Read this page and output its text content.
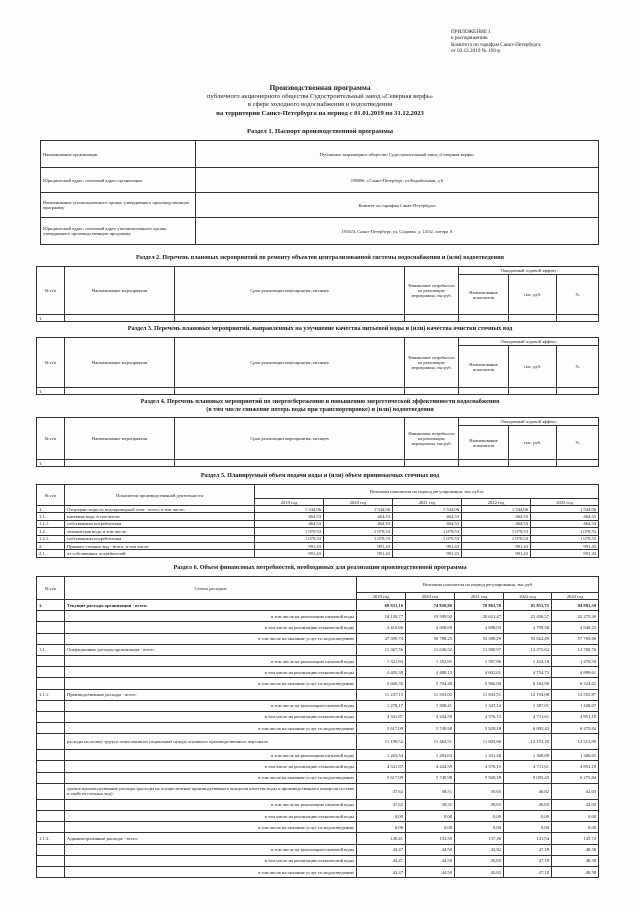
ПРИЛОЖЕНИЕ 1
к распоряжению
Комитета по тарифам Санкт-Петербурга
от 03.12.2019 № 169-р
Производственная программа
публичного акционерного общества Судостроительный завод «Северная верфь»
в сфере холодного водоснабжения и водоотведения
на территории Санкт-Петербурга на период с 01.01.2019 по 31.12.2023
Раздел 1. Паспорт производственной программы
Наименование организации	Публичное акционерное общество Судостроительный завод «Северная верфь»
Юридический адрес, почтовый адрес организации	198096, г.Санкт-Петербург, ул.Корабельная, д.6
Наименование уполномоченного органа, утвердившего производственную программу	Комитет по тарифам Санкт-Петербурга
Юридический адрес, почтовый адрес уполномоченного органа, утвердившего производственную программу	191023, Санкт-Петербург, ул. Садовая, д. 14/52, литера А
Раздел 2. Перечень плановых мероприятий по ремонту объектов централизованной системы водоснабжения и (или) водоотведения
№ п/п	Наименование мероприятия	Срок реализации мероприятия, месяцев	Финансовые потребности на реализацию мероприятия, тыс.руб.	Ожидаемый годовой эффект		
				Наименование показателя	тыс. руб.	%
1.						
Раздел 3. Перечень плановых мероприятий, направленных на улучшение качества питьевой воды и (или) качества очистки сточных вод
№ п/п	Наименование мероприятия	Срок реализации мероприятия, месяцев	Финансовые потребности на реализацию мероприятия, тыс.руб.	Ожидаемый годовой эффект		
				Наименование показателя	тыс. руб.	%
1.						
Раздел 4. Перечень плановых мероприятий по энергосбережению и повышению энергетической эффективности водоснабжения
(в том числе снижение потерь воды при транспортировке) и (или) водоотведения
№ п/п	Наименование мероприятия	Срок реализации мероприятия, месяцев	Финансовые потребности на реализацию мероприятия, тыс.руб.	Ожидаемый годовой эффект		
				Наименование показателя	тыс. руб.	%
1.						
Раздел 5. Планируемый объем подачи воды и (или) объем принимаемых сточных вод
№ п/п	Показатели производственной деятельности	Величина показателя на период регулирования, тыс.куб.м				
		2019 год	2020 год	2021 год	2022 год	2023 год
1.	Отпущено воды из водопроводной сети - всего, в том числе:	1 544,06	1 544,06	1 544,06	1 544,06	1 544,06
1.1.	питьевая вода, в том числе:	464,53	464,53	464,53	464,53	464,53
1.1.1.	собственным потребителям	464,53	464,53	464,53	464,53	464,53
1.2.	техническая вода, в том числе:	1 079,53	1 079,53	1 079,53	1 079,53	1 079,53
1.2.1.	собственным потребителям	1 079,53	1 079,53	1 079,53	1 079,53	1 079,53
2.	Принято сточных вод - всего, в том числе:	991,43	991,43	991,43	991,43	991,43
2.1.	от собственных потребителей	991,43	991,43	991,43	991,43	991,43
Раздел 6. Объем финансовых потребностей, необходимых для реализации производственной программы
№ п/п	Статьи расходов	Величина показателя на период регулирования, тыс.руб				
		2019 год	2020 год	2021 год	2022 год	2023 год
1.	Текущие расходы организации - всего:	69 931,16	74 820,86	78 863,70	81 853,75	84 983,59
	в том числе на реализацию питьевой воды	18 120,77	19 509,92	20 621,47	21 430,57	22 275,39
	в том числе на реализацию технической воды	4 410,66	4 508,69	4 698,93	4 798,58	4 940,52
	в том числе на оказание услуг по водоотведению	47 399,74	50 788,25	53 580,29	55 622,49	57 769,68
1.1.	Операционные расходы организации - всего:	11 367,56	11 636,52	11 980,97	12 375,62	12 700,76
	в том числе на реализацию питьевой воды	1 321,84	1 352,91	1 397,96	1 434,18	1 476,50
	в том числе на реализацию технической воды	4 405,38	4 488,13	4 602,01	4 754,73	4 899,61
	в том числе на оказание услуг по водоотведению	5 660,35	5 794,48	5 966,00	6 162,90	6 324,62
1.1.1.	Производственные расходы - всего:	11 237,15	11 503,02	11 843,51	12 194,08	12 555,87
	в том числе на реализацию питьевой воды	1 278,17	1 308,41	1 347,14	1 387,01	1 428,07
	в том числе на реализацию технической воды	4 341,87	4 444,59	4 576,15	4 711,61	4 851,18
	в том числе на оказание услуг по водоотведению	5 617,09	5 749,98	5 920,18	6 095,43	6 275,84
	расходы на оплату труда и отчисления на социальные нужды основного производственного персонала	11 199,52	11 464,51	11 803,66	12 153,20	12 512,99
	в том числе на реализацию питьевой воды	1 263,54	1 293,63	1 331,48	1 368,89	1 386,65
	в том числе на реализацию технической воды	4 341,87	4 444,59	4 576,15	4 711,61	4 851,18
	в том числе на оказание услуг по водоотведению	5 617,09	5 749,98	5 920,18	6 095,43	6 275,84
	прочие производственные расходы (расходы на осуществление производственного контроля качества воды и производственного контроля состава и свойств сточных вод)	37,62	38,51	39,65	40,82	42,03
	в том числе на реализацию питьевой воды	37,62	38,51	39,65	40,82	42,03
	в том числе на реализацию технической воды	0,00	0,00	0,00	0,00	0,00
	в том числе на оказание услуг по водоотведению	0,00	0,00	0,00	0,00	0,00
1.1.3.	Административные расходы - всего:	130,41	133,50	137,46	141,54	145,74
	в том числе на реализацию питьевой воды	43,47	44,50	45,82	47,18	48,58
	в том числе на реализацию технической воды	43,47	44,50	45,82	47,18	48,58
	в том числе на оказание услуг по водоотведению	43,47	44,50	45,82	47,18	48,58
